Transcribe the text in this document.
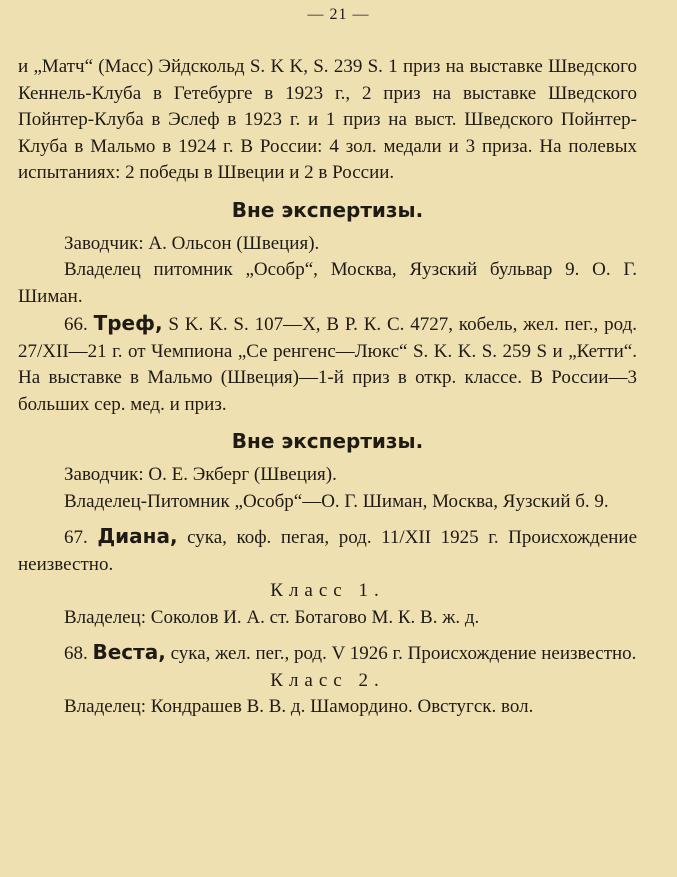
— 21 —

и „Матч“ (Масс) Эйдскольд S. K K, S. 239 S. 1 приз на выставке Шведского Кеннель-Клуба в Гетебурге в 1923 г., 2 приз на выставке Шведского Пойнтер-Клуба в Эслеф в 1923 г. и 1 приз на выст. Шведского Пойнтер-Клуба в Мальмо в 1924 г. В России: 4 зол. медали и 3 приза. На полевых испытаниях: 2 победы в Швеции и 2 в России.

Вне экспертизы.

Заводчик: А. Ольсон (Швеция).

Владелец питомник „Особр“, Москва, Яузский бульвар 9. О. Г. Шиман.

66. Треф, S K. K. S. 107—X, В Р. К. С. 4727, кобель, жел. пег., род. 27/XII—21 г. от Чемпиона „Се ренгенс—Люкс“ S. K. K. S. 259 S и „Кетти“. На выставке в Мальмо (Швеция)—1-й приз в откр. классе. В России—3 больших сер. мед. и приз.

Вне экспертизы.

Заводчик: О. Е. Экберг (Швеция).

Владелец-Питомник „Особр“—О. Г. Шиман, Москва, Яузский б. 9.

67. Диана, сука, коф. пегая, род. 11/XII 1925 г. Происхождение неизвестно.

Класс 1.

Владелец: Соколов И. А. ст. Ботагово М. К. В. ж. д.

68. Веста, сука, жел. пег., род. V 1926 г. Происхождение неизвестно.

Класс 2.

Владелец: Кондрашев В. В. д. Шамордино. Овстугск. вол.
